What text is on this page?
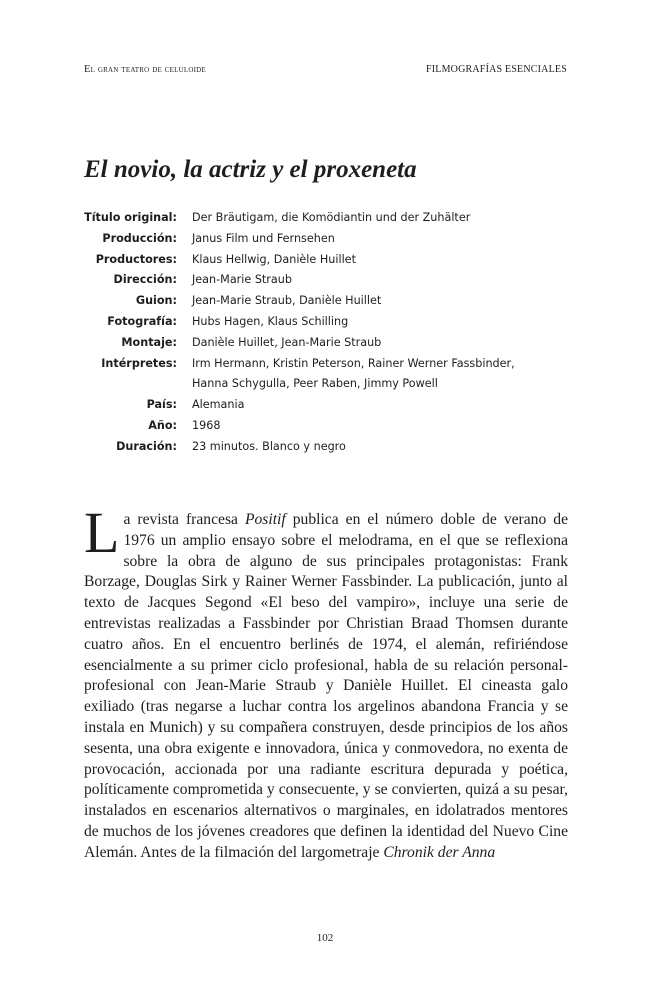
El gran teatro de celuloide	FILMOGRAFÍAS ESENCIALES
El novio, la actriz y el proxeneta
Título original: Der Bräutigam, die Komödiantin und der Zuhälter
Producción: Janus Film und Fernsehen
Productores: Klaus Hellwig, Danièle Huillet
Dirección: Jean-Marie Straub
Guion: Jean-Marie Straub, Danièle Huillet
Fotografía: Hubs Hagen, Klaus Schilling
Montaje: Danièle Huillet, Jean-Marie Straub
Intérpretes: Irm Hermann, Kristin Peterson, Rainer Werner Fassbinder, Hanna Schygulla, Peer Raben, Jimmy Powell
País: Alemania
Año: 1968
Duración: 23 minutos. Blanco y negro

La revista francesa Positif publica en el número doble de verano de 1976 un amplio ensayo sobre el melodrama, en el que se reflexiona sobre la obra de alguno de sus principales protagonistas: Frank Borzage, Douglas Sirk y Rainer Werner Fassbinder. La publicación, junto al texto de Jacques Segond «El beso del vampiro», incluye una serie de entrevistas realizadas a Fassbinder por Christian Braad Thomsen durante cuatro años. En el encuentro berlinés de 1974, el alemán, refiriéndose esencialmente a su primer ciclo profesional, habla de su relación personal-profesional con Jean-Marie Straub y Danièle Huillet. El cineasta galo exiliado (tras negarse a luchar contra los argelinos abandona Francia y se instala en Munich) y su compañera construyen, desde principios de los años sesenta, una obra exigente e innovadora, única y conmovedora, no exenta de provocación, accionada por una radiante escritura depurada y poética, políticamente comprometida y consecuente, y se convierten, quizá a su pesar, instalados en escenarios alternativos o marginales, en idolatrados mentores de muchos de los jóvenes creadores que definen la identidad del Nuevo Cine Alemán. Antes de la filmación del largometraje Chronik der Anna

102
